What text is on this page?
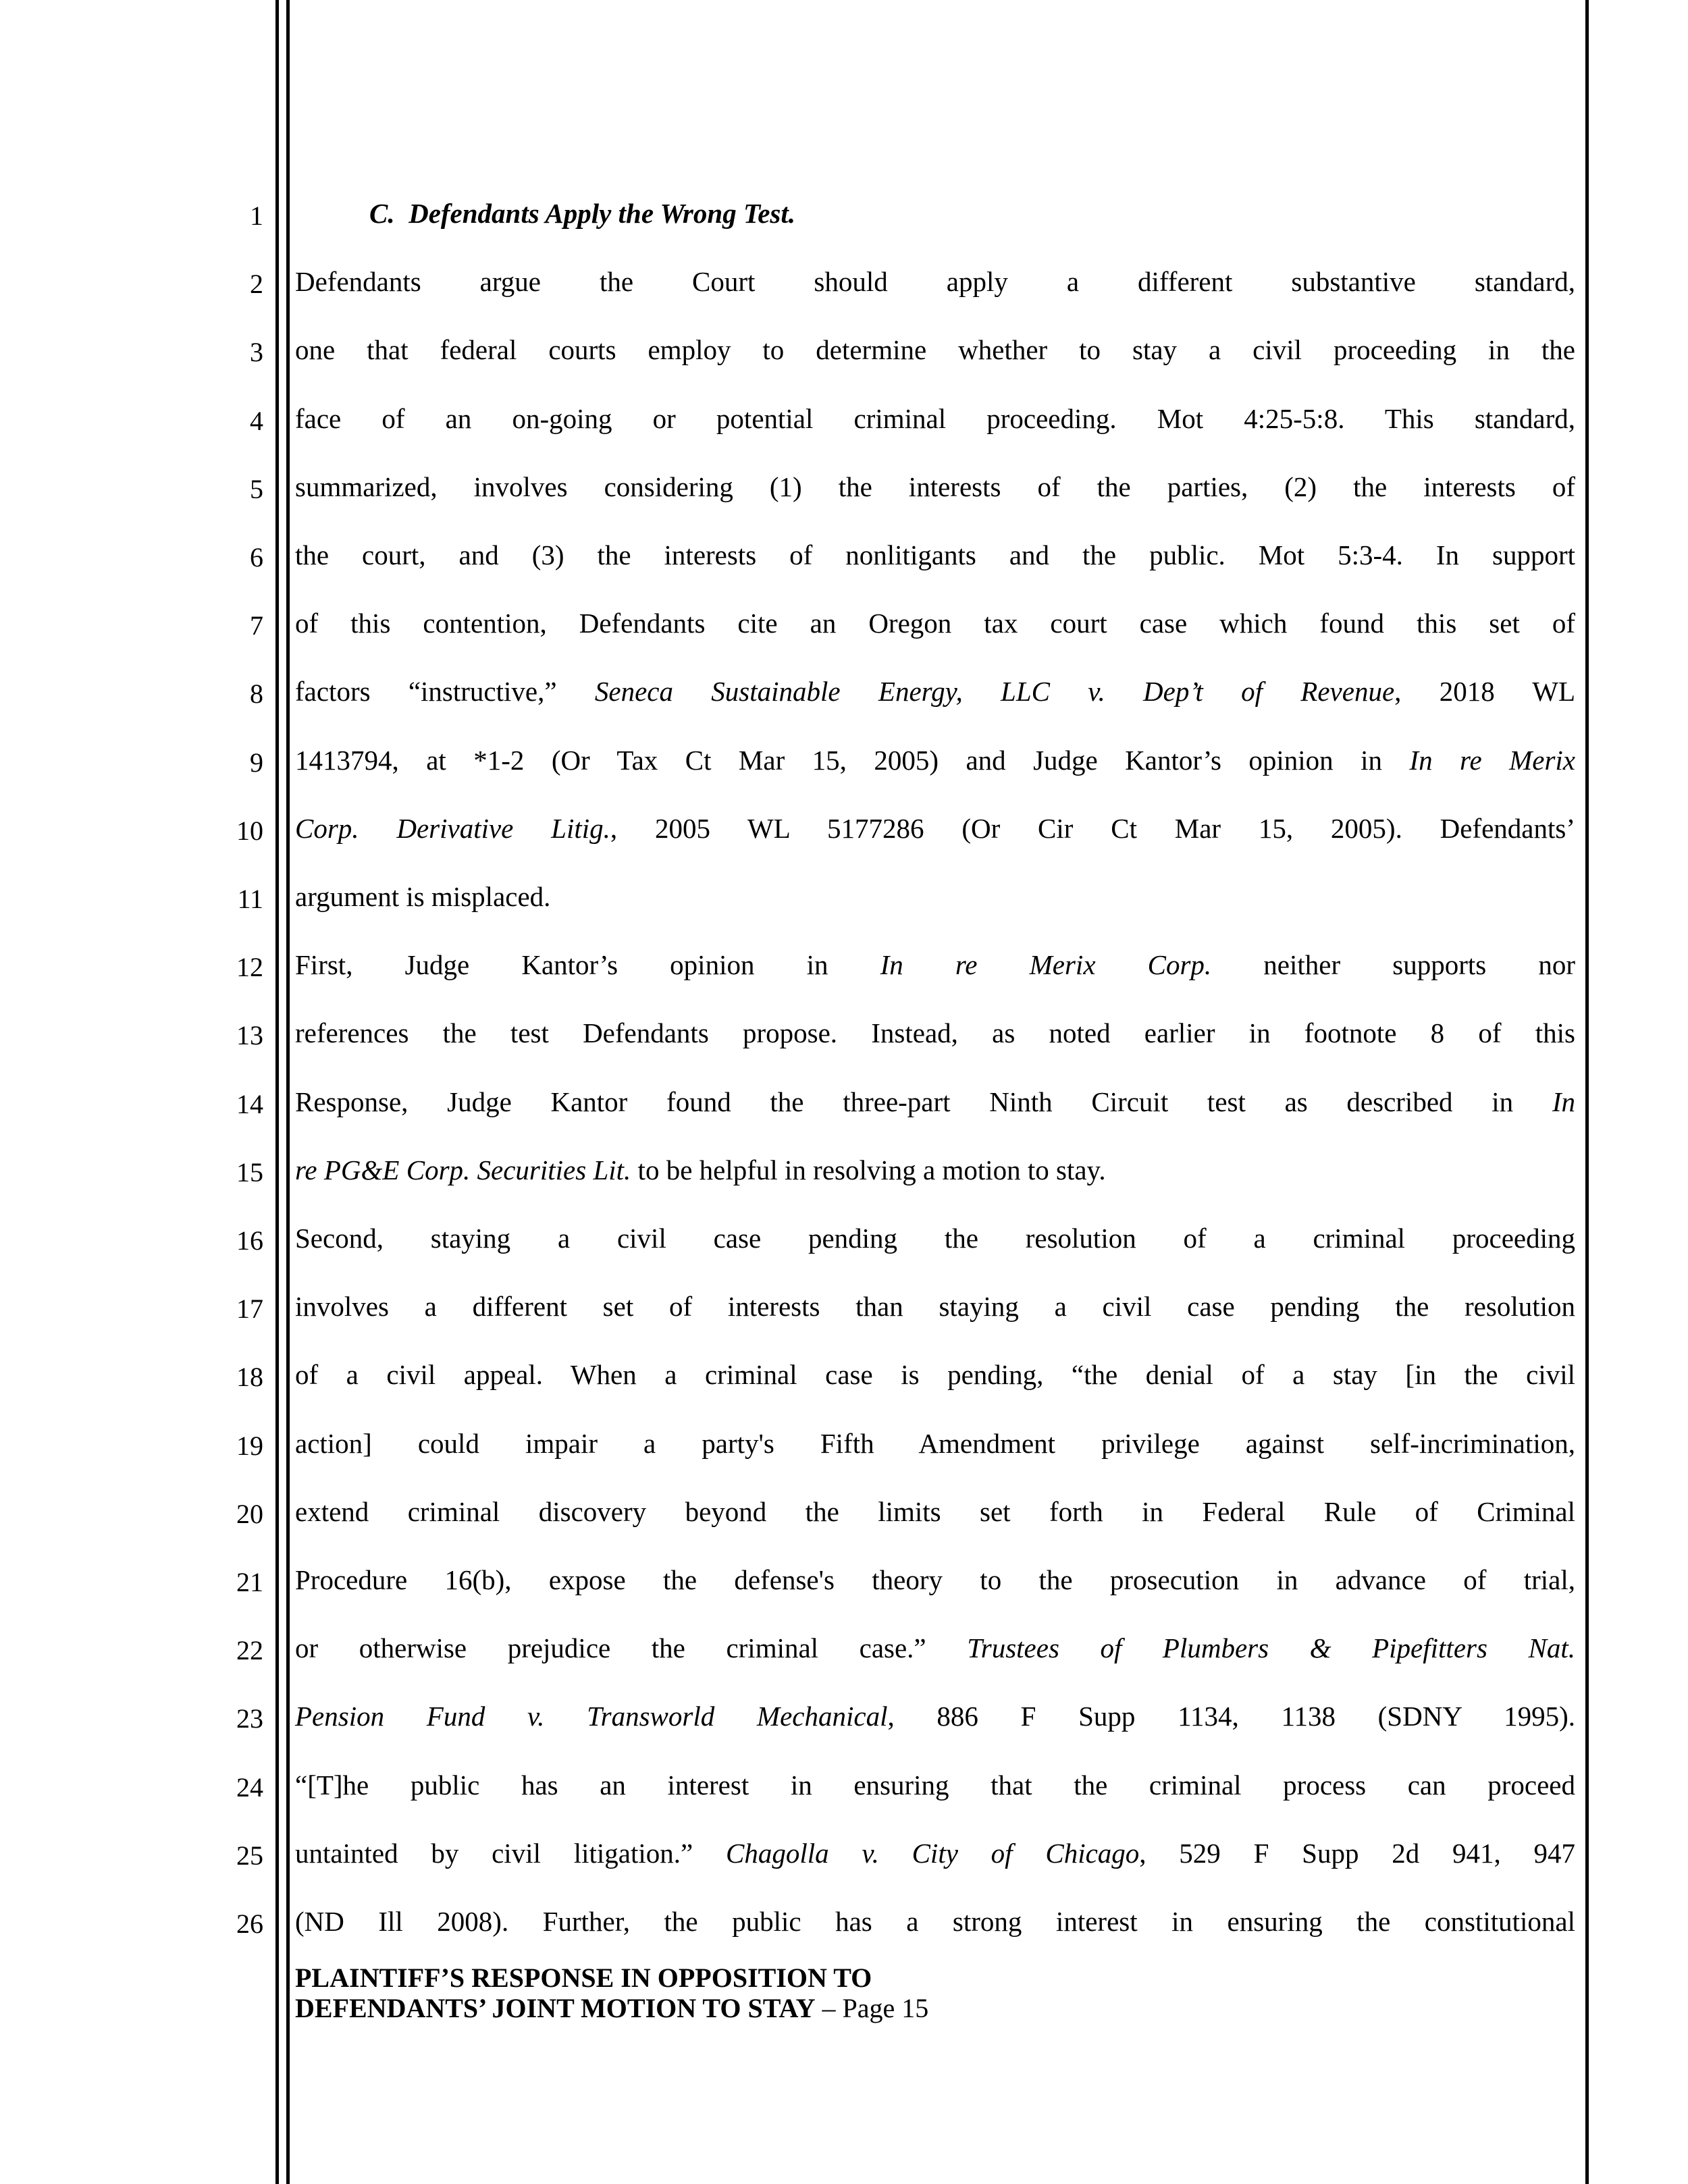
1
2
3
4
5
6
7
8
9
10
11
12
13
14
15
16
17
18
19
20
21
22
23
24
25
26
C.  Defendants Apply the Wrong Test.
Defendants argue the Court should apply a different substantive standard,
one that federal courts employ to determine whether to stay a civil proceeding in the
face of an on-going or potential criminal proceeding. Mot 4:25-5:8. This standard,
summarized, involves considering (1) the interests of the parties, (2) the interests of
the court, and (3) the interests of nonlitigants and the public. Mot 5:3-4. In support
of this contention, Defendants cite an Oregon tax court case which found this set of
factors “instructive,” Seneca Sustainable Energy, LLC v. Dep’t of Revenue, 2018 WL
1413794, at *1-2 (Or Tax Ct Mar 15, 2005) and Judge Kantor’s opinion in In re Merix
Corp. Derivative Litig., 2005 WL 5177286 (Or Cir Ct Mar 15, 2005). Defendants’
argument is misplaced.
First, Judge Kantor’s opinion in In re Merix Corp. neither supports nor
references the test Defendants propose. Instead, as noted earlier in footnote 8 of this
Response, Judge Kantor found the three-part Ninth Circuit test as described in In
re PG&E Corp. Securities Lit. to be helpful in resolving a motion to stay.
Second, staying a civil case pending the resolution of a criminal proceeding
involves a different set of interests than staying a civil case pending the resolution
of a civil appeal. When a criminal case is pending, “the denial of a stay [in the civil
action] could impair a party's Fifth Amendment privilege against self-incrimination,
extend criminal discovery beyond the limits set forth in Federal Rule of Criminal
Procedure 16(b), expose the defense's theory to the prosecution in advance of trial,
or otherwise prejudice the criminal case.” Trustees of Plumbers & Pipefitters Nat.
Pension Fund v. Transworld Mechanical, 886 F Supp 1134, 1138 (SDNY 1995).
“[T]he public has an interest in ensuring that the criminal process can proceed
untainted by civil litigation.” Chagolla v. City of Chicago, 529 F Supp 2d 941, 947
(ND Ill 2008). Further, the public has a strong interest in ensuring the constitutional
PLAINTIFF’S RESPONSE IN OPPOSITION TO
DEFENDANTS’ JOINT MOTION TO STAY – Page 15
